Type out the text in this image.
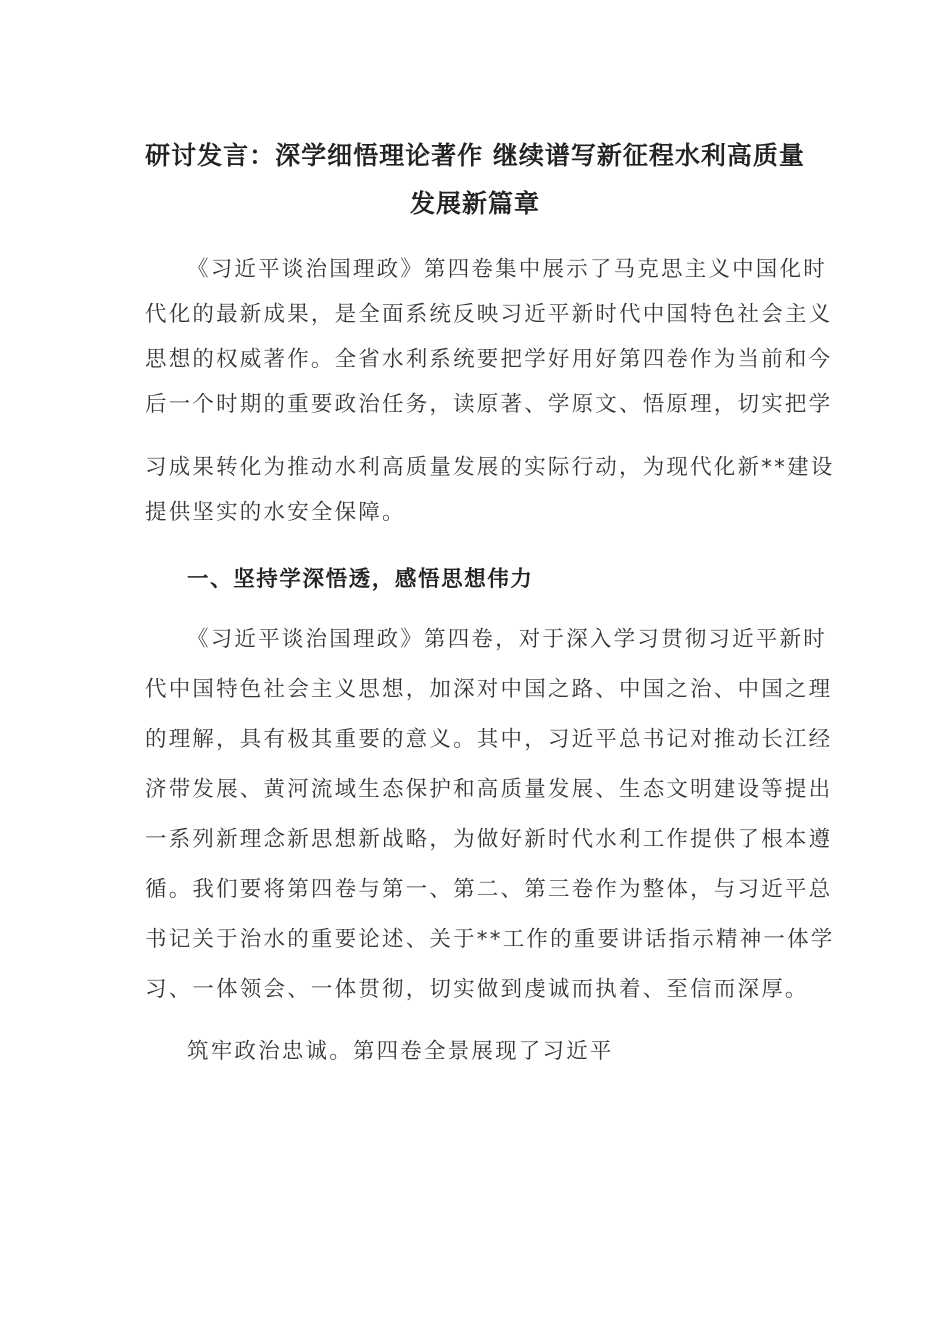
研讨发言：深学细悟理论著作 继续谱写新征程水利高质量
发展新篇章
《习近平谈治国理政》第四卷集中展示了马克思主义中国化时
代化的最新成果，是全面系统反映习近平新时代中国特色社会主义
思想的权威著作。全省水利系统要把学好用好第四卷作为当前和今
后一个时期的重要政治任务，读原著、学原文、悟原理，切实把学
习成果转化为推动水利高质量发展的实际行动，为现代化新**建设
提供坚实的水安全保障。
一、坚持学深悟透，感悟思想伟力
《习近平谈治国理政》第四卷，对于深入学习贯彻习近平新时
代中国特色社会主义思想，加深对中国之路、中国之治、中国之理
的理解，具有极其重要的意义。其中，习近平总书记对推动长江经
济带发展、黄河流域生态保护和高质量发展、生态文明建设等提出
一系列新理念新思想新战略，为做好新时代水利工作提供了根本遵
循。我们要将第四卷与第一、第二、第三卷作为整体，与习近平总
书记关于治水的重要论述、关于**工作的重要讲话指示精神一体学
习、一体领会、一体贯彻，切实做到虔诚而执着、至信而深厚。
筑牢政治忠诚。第四卷全景展现了习近平
